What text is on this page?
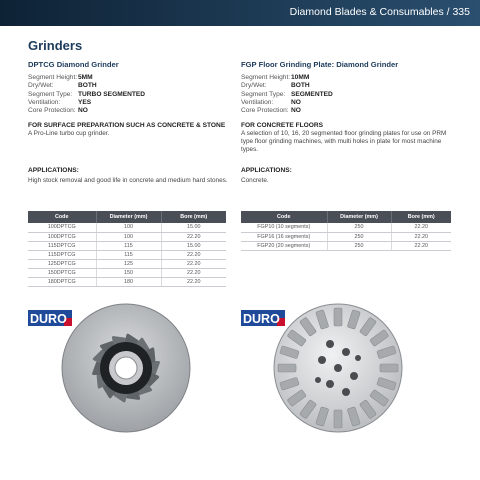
Diamond Blades & Consumables / 335
Grinders
DPTCG Diamond Grinder
Segment Height:5MM
Dry/Wet:	BOTH
Segment Type: TURBO SEGMENTED
Ventilation:	YES
Core Protection: NO
FOR SURFACE PREPARATION SUCH AS CONCRETE & STONE
A Pro-Line turbo cup grinder.
FGP Floor Grinding Plate: Diamond Grinder
Segment Height:10MM
Dry/Wet:	BOTH
Segment Type: SEGMENTED
Ventilation:	NO
Core Protection: NO
FOR CONCRETE FLOORS
A selection of 10, 16, 20 segmented floor grinding plates for use on PRM type floor grinding machines, with multi holes in plate for most machine types.
APPLICATIONS:
High stock removal and good life in concrete and medium hard stones.
APPLICATIONS:
Concrete.
Code	Diameter (mm)	Bore (mm)
100DPTCG	100	15.00
100DPTCG	100	22.20
115DPTCG	115	15.00
115DPTCG	115	22.20
125DPTCG	125	22.20
150DPTCG	150	22.20
180DPTCG	180	22.20
Code	Diameter (mm)	Bore (mm)
FGP10 (10 segments)	250	22.20
FGP16 (16 segments)	250	22.20
FGP20 (20 segments)	250	22.20
DURO	DURO
